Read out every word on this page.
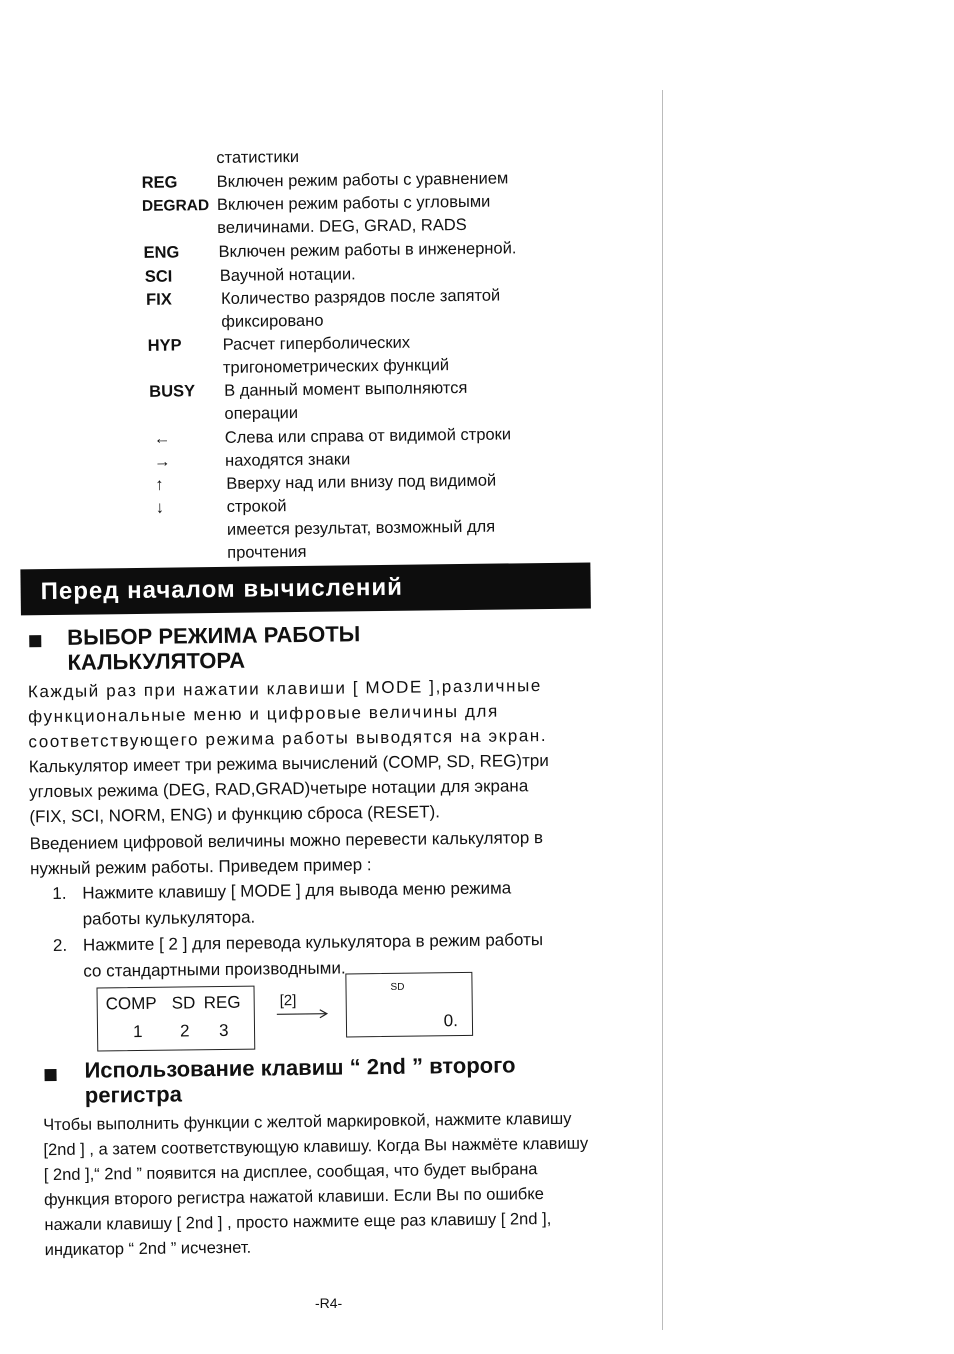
статистики

REG Включен режим работы с уравнением

DEGRAD Включен режим работы с угловыми

величинами. DEG, GRAD, RADS

ENG Включен режим работы в инженерной.

SCI	Ваучной нотации.

FIX	Количество разрядов после запятой

фиксировано

HYP Расчет гиперболических

тригонометрических функций

BUSY В данный момент выполняются

операции

← →

Слева или справа от видимой строки

находятся знаки

↑ ↓

Вверху над или внизу под видимой

строкой

имеется результат, возможный для

прочтения

Перед началом вычислений
ВЫБОР РЕЖИМА РАБОТЫ
КАЛЬКУЛЯТОРА

Каждый раз при нажатии клавиши [ MODE ],различные

функциональные меню и цифровые величины для

соответствующего режима работы выводятся на экран.

Калькулятор имеет три режима вычислений (COMP, SD, REG)три

угловых режима (DEG, RAD,GRAD)четыре нотации для экрана

(FIX, SCI, NORM, ENG) и функцию сброса (RESET).

Введением цифровой величины можно перевести калькулятор в

нужный режим работы. Приведем пример :

1. Нажмите клавишу [ MODE ] для вывода меню режима

работы кулькулятора.

2. Нажмите [ 2 ] для перевода кулькулятора в режим работы

со стандартными производными.

COMP SD REG
1 2 3
[2]
SD
0.
Использование клавиш “ 2nd ” второго
регистра

Чтобы выполнить функции с желтой маркировкой, нажмите клавишу

[2nd ] , а затем соответствующую клавишу. Когда Вы нажмёте клавишу

[ 2nd ],“ 2nd ” появится на дисплее, сообщая, что будет выбрана

функция второго регистра нажатой клавиши. Если Вы по ошибке

нажали клавишу [ 2nd ] , просто нажмите еще раз клавишу [ 2nd ],

индикатор “ 2nd ” исчезнет.

-R4-
